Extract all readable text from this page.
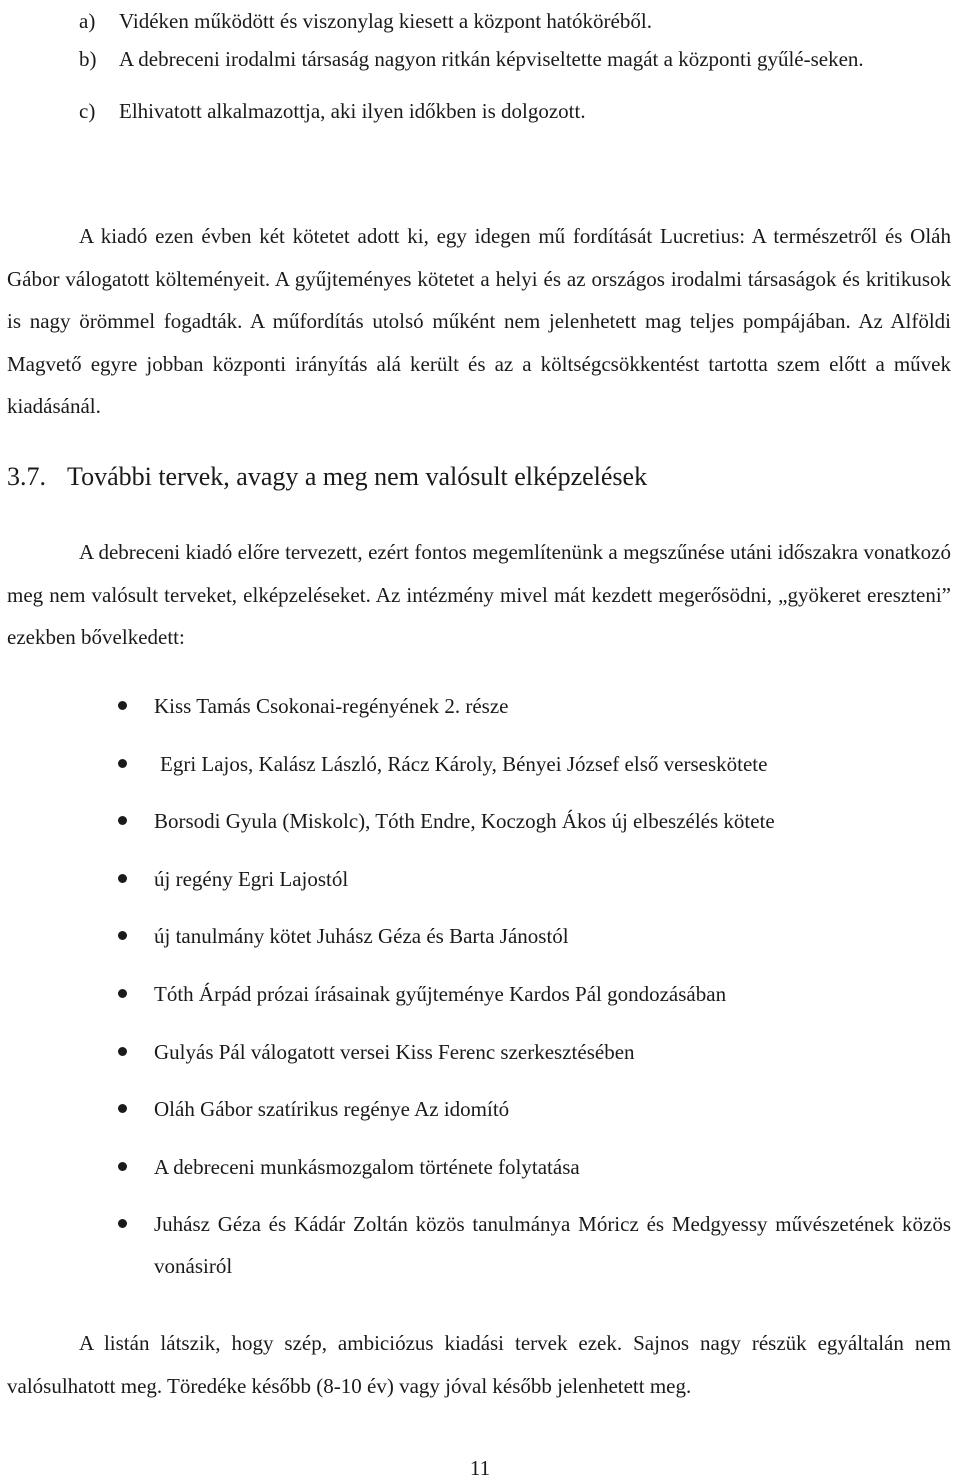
a)	Vidéken működött és viszonylag kiesett a központ hatóköréből.
b)	A debreceni irodalmi társaság nagyon ritkán képviseltette magát a központi gyűlé-seken.
c)	Elhivatott alkalmazottja, aki ilyen időkben is dolgozott.

A kiadó ezen évben két kötetet adott ki, egy idegen mű fordítását Lucretius: A természetről és Oláh Gábor válogatott költeményeit. A gyűjteményes kötetet a helyi és az országos irodalmi társaságok és kritikusok is nagy örömmel fogadták. A műfordítás utolsó műként nem jelenhetett mag teljes pompájában. Az Alföldi Magvető egyre jobban központi irányítás alá került és az a költségcsökkentést tartotta szem előtt a művek kiadásánál.

3.7. További tervek, avagy a meg nem valósult elképzelések

A debreceni kiadó előre tervezett, ezért fontos megemlítenünk a megszűnése utáni időszakra vonatkozó meg nem valósult terveket, elképzeléseket. Az intézmény mivel mát kezdett megerősödni, „gyökeret ereszteni” ezekben bővelkedett:

Kiss Tamás Csokonai-regényének 2. része
Egri Lajos, Kalász László, Rácz Károly, Bényei József első verseskötete
Borsodi Gyula (Miskolc), Tóth Endre, Koczogh Ákos új elbeszélés kötete
új regény Egri Lajostól
új tanulmány kötet Juhász Géza és Barta Jánostól
Tóth Árpád prózai írásainak gyűjteménye Kardos Pál gondozásában
Gulyás Pál válogatott versei Kiss Ferenc szerkesztésében
Oláh Gábor szatírikus regénye Az idomító
A debreceni munkásmozgalom története folytatása
Juhász Géza és Kádár Zoltán közös tanulmánya Móricz és Medgyessy művészetének közös vonásiról

A listán látszik, hogy szép, ambiciózus kiadási tervek ezek. Sajnos nagy részük egyáltalán nem valósulhatott meg. Töredéke később (8-10 év) vagy jóval később jelenhetett meg.

11
